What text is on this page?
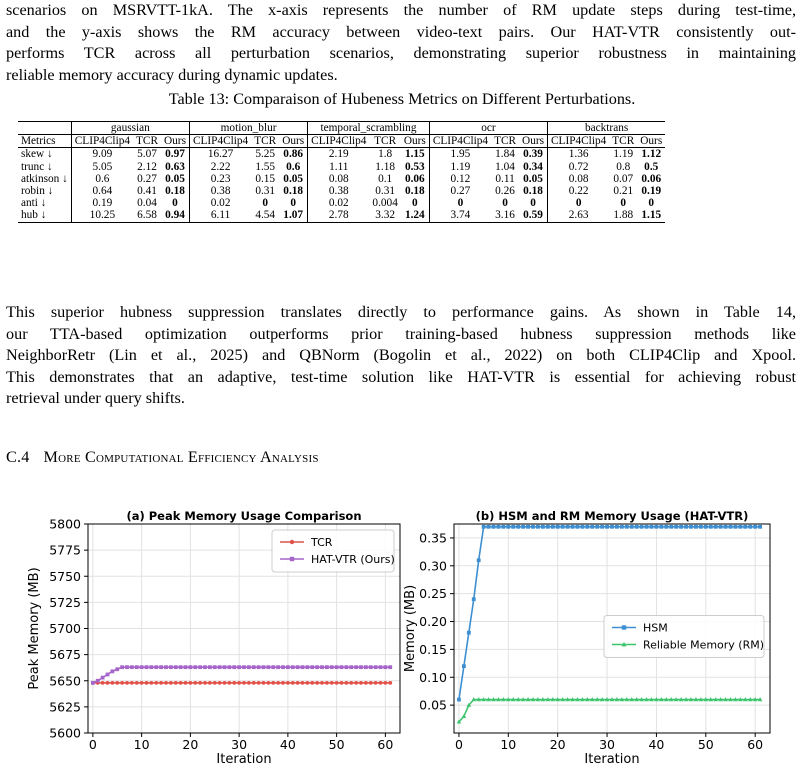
scenarios on MSRVTT-1kA. The x-axis represents the number of RM update steps during test-time,
and the y-axis shows the RM accuracy between video-text pairs. Our HAT-VTR consistently out-
performs TCR across all perturbation scenarios, demonstrating superior robustness in maintaining
reliable memory accuracy during dynamic updates.
Table 13: Comparaison of Hubeness Metrics on Different Perturbations.
	gaussian			motion_blur			temporal_scrambling			ocr			backtrans		
Metrics	CLIP4Clip4	TCR	Ours	CLIP4Clip4	TCR	Ours	CLIP4Clip4	TCR	Ours	CLIP4Clip4	TCR	Ours	CLIP4Clip4	TCR	Ours
skew ↓	9.09	5.07	0.97	16.27	5.25	0.86	2.19	1.8	1.15	1.95	1.84	0.39	1.36	1.19	1.12
trunc ↓	5.05	2.12	0.63	2.22	1.55	0.6	1.11	1.18	0.53	1.19	1.04	0.34	0.72	0.8	0.5
atkinson ↓	0.6	0.27	0.05	0.23	0.15	0.05	0.08	0.1	0.06	0.12	0.11	0.05	0.08	0.07	0.06
robin ↓	0.64	0.41	0.18	0.38	0.31	0.18	0.38	0.31	0.18	0.27	0.26	0.18	0.22	0.21	0.19
anti ↓	0.19	0.04	0	0.02	0	0	0.02	0.004	0	0	0	0	0	0	0
hub ↓	10.25	6.58	0.94	6.11	4.54	1.07	2.78	3.32	1.24	3.74	3.16	0.59	2.63	1.88	1.15
This superior hubness suppression translates directly to performance gains. As shown in Table 14,
our TTA-based optimization outperforms prior training-based hubness suppression methods like
NeighborRetr (Lin et al., 2025) and QBNorm (Bogolin et al., 2022) on both CLIP4Clip and Xpool.
This demonstrates that an adaptive, test-time solution like HAT-VTR is essential for achieving robust
retrieval under query shifts.
C.4 More Computational Efficiency Analysis
0	10	20	30	40	50	60
5600
5625
5650
5675
5700
5725
5750
5775
5800
(a) Peak Memory Usage Comparison
Iteration
Peak Memory (MB)
TCR
HAT-VTR (Ours)
0	10	20	30	40	50	60
0.05
0.10
0.15
0.20
0.25
0.30
0.35
(b) HSM and RM Memory Usage (HAT-VTR)
Iteration
Memory (MB)	HSM
Reliable Memory (RM)
